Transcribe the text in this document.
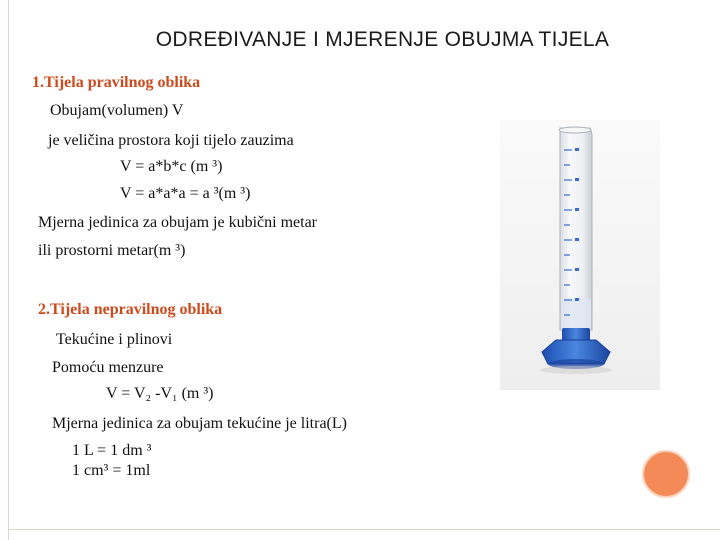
ODREĐIVANJE I MJERENJE OBUJMA TIJELA
1.Tijela pravilnog oblika
Obujam(volumen) V
je veličina prostora koji tijelo zauzima
V = a*b*c (m ³)
V = a*a*a = a ³(m ³)
Mjerna jedinica za obujam je kubični metar
ili prostorni metar(m ³)
2.Tijela nepravilnog oblika
Tekućine i plinovi
Pomoću menzure
V = V₂ -V₁ (m ³)
Mjerna jedinica za obujam tekućine je litra(L)
1 L = 1 dm ³
1 cm³ = 1ml
